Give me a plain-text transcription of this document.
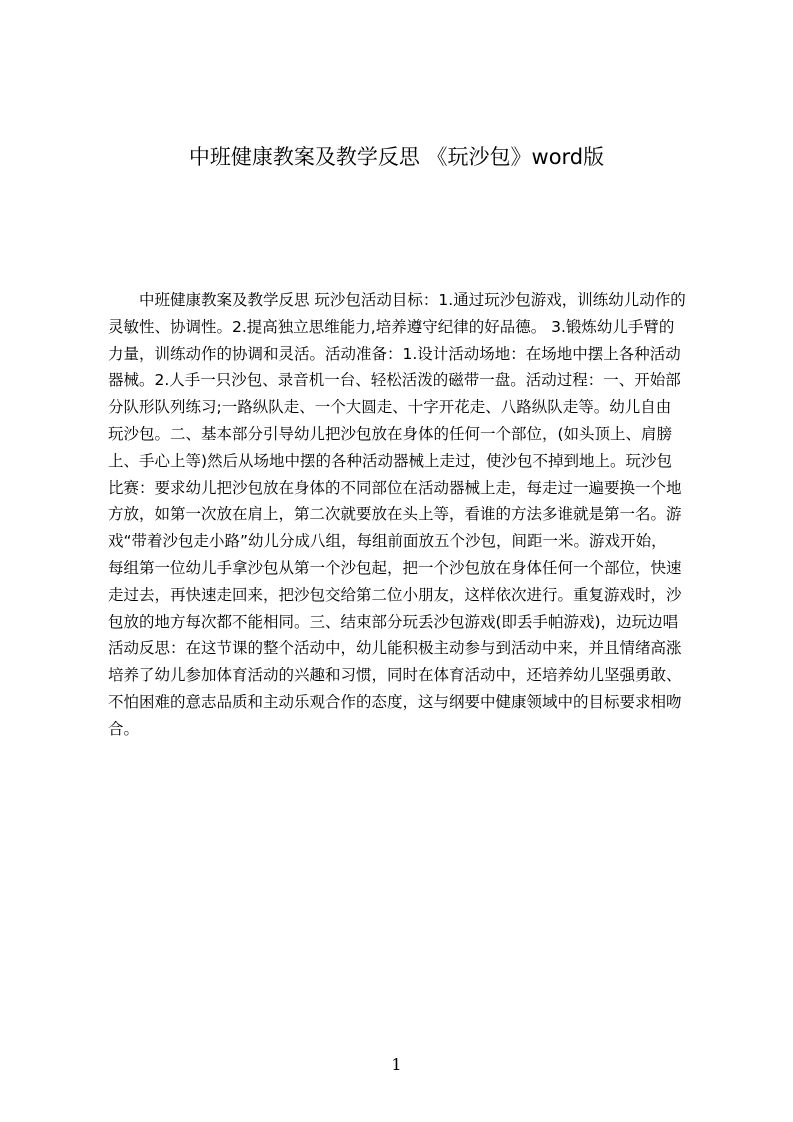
中班健康教案及教学反思 《玩沙包》word版
　　中班健康教案及教学反思 玩沙包活动目标：1.通过玩沙包游戏，训练幼儿动作的
灵敏性、协调性。2.提高独立思维能力,培养遵守纪律的好品德。 3.锻炼幼儿手臂的
力量，训练动作的协调和灵活。活动准备：1.设计活动场地：在场地中摆上各种活动
器械。2.人手一只沙包、录音机一台、轻松活泼的磁带一盘。活动过程：一、开始部
分队形队列练习;一路纵队走、一个大圆走、十字开花走、八路纵队走等。幼儿自由
玩沙包。二、基本部分引导幼儿把沙包放在身体的任何一个部位，(如头顶上、肩膀
上、手心上等)然后从场地中摆的各种活动器械上走过，使沙包不掉到地上。玩沙包
比赛：要求幼儿把沙包放在身体的不同部位在活动器械上走，每走过一遍要换一个地
方放，如第一次放在肩上，第二次就要放在头上等，看谁的方法多谁就是第一名。游
戏“带着沙包走小路”幼儿分成八组，每组前面放五个沙包，间距一米。游戏开始，
每组第一位幼儿手拿沙包从第一个沙包起，把一个沙包放在身体任何一个部位，快速
走过去，再快速走回来，把沙包交给第二位小朋友，这样依次进行。重复游戏时，沙
包放的地方每次都不能相同。三、结束部分玩丢沙包游戏(即丢手帕游戏)，边玩边唱
活动反思：在这节课的整个活动中，幼儿能积极主动参与到活动中来，并且情绪高涨
培养了幼儿参加体育活动的兴趣和习惯，同时在体育活动中，还培养幼儿坚强勇敢、
不怕困难的意志品质和主动乐观合作的态度，这与纲要中健康领域中的目标要求相吻
合。
1
